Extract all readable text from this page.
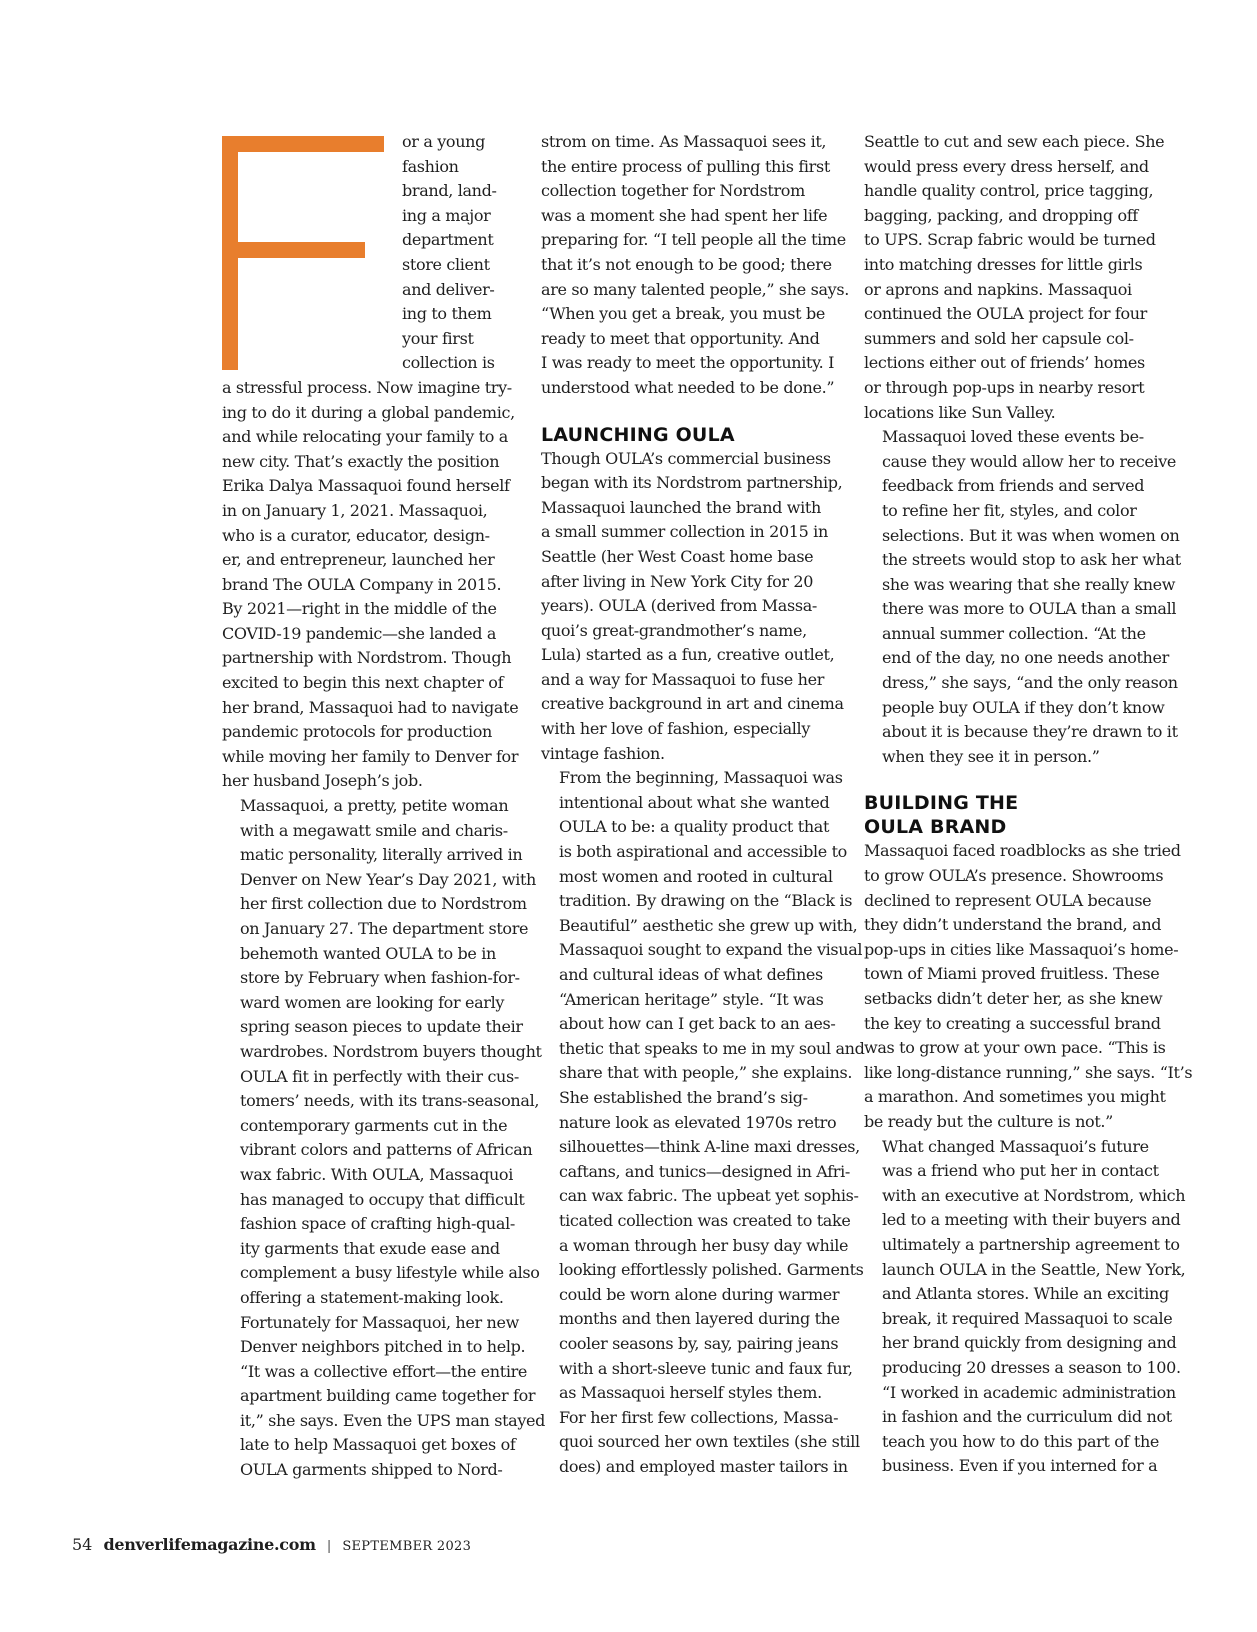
or a young
fashion
brand, land-
ing a major
department
store client
and deliver-
ing to them
your first
collection is

a stressful process. Now imagine try-
ing to do it during a global pandemic,
and while relocating your family to a
new city. That’s exactly the position
Erika Dalya Massaquoi found herself
in on January 1, 2021. Massaquoi,
who is a curator, educator, design-
er, and entrepreneur, launched her
brand The OULA Company in 2015.
By 2021—right in the middle of the
COVID-19 pandemic—she landed a
partnership with Nordstrom. Though
excited to begin this next chapter of
her brand, Massaquoi had to navigate
pandemic protocols for production
while moving her family to Denver for
her husband Joseph’s job.

Massaquoi, a pretty, petite woman
with a megawatt smile and charis-
matic personality, literally arrived in
Denver on New Year’s Day 2021, with
her first collection due to Nordstrom
on January 27. The department store
behemoth wanted OULA to be in
store by February when fashion-for-
ward women are looking for early
spring season pieces to update their
wardrobes. Nordstrom buyers thought
OULA fit in perfectly with their cus-
tomers’ needs, with its trans-seasonal,
contemporary garments cut in the
vibrant colors and patterns of African
wax fabric. With OULA, Massaquoi
has managed to occupy that difficult
fashion space of crafting high-qual-
ity garments that exude ease and
complement a busy lifestyle while also
offering a statement-making look.

Fortunately for Massaquoi, her new
Denver neighbors pitched in to help.
“It was a collective effort—the entire
apartment building came together for
it,” she says. Even the UPS man stayed
late to help Massaquoi get boxes of
OULA garments shipped to Nord-

strom on time. As Massaquoi sees it,
the entire process of pulling this first
collection together for Nordstrom
was a moment she had spent her life
preparing for. “I tell people all the time
that it’s not enough to be good; there
are so many talented people,” she says.
“When you get a break, you must be
ready to meet that opportunity. And
I was ready to meet the opportunity. I
understood what needed to be done.”

LAUNCHING OULA

Though OULA’s commercial business
began with its Nordstrom partnership,
Massaquoi launched the brand with
a small summer collection in 2015 in
Seattle (her West Coast home base
after living in New York City for 20
years). OULA (derived from Massa-
quoi’s great-grandmother’s name,
Lula) started as a fun, creative outlet,
and a way for Massaquoi to fuse her
creative background in art and cinema
with her love of fashion, especially
vintage fashion.

From the beginning, Massaquoi was
intentional about what she wanted
OULA to be: a quality product that
is both aspirational and accessible to
most women and rooted in cultural
tradition. By drawing on the “Black is
Beautiful” aesthetic she grew up with,
Massaquoi sought to expand the visual
and cultural ideas of what defines
“American heritage” style. “It was
about how can I get back to an aes-
thetic that speaks to me in my soul and
share that with people,” she explains.

She established the brand’s sig-
nature look as elevated 1970s retro
silhouettes—think A-line maxi dresses,
caftans, and tunics—designed in Afri-
can wax fabric. The upbeat yet sophis-
ticated collection was created to take
a woman through her busy day while
looking effortlessly polished. Garments
could be worn alone during warmer
months and then layered during the
cooler seasons by, say, pairing jeans
with a short-sleeve tunic and faux fur,
as Massaquoi herself styles them.

For her first few collections, Massa-
quoi sourced her own textiles (she still
does) and employed master tailors in

Seattle to cut and sew each piece. She
would press every dress herself, and
handle quality control, price tagging,
bagging, packing, and dropping off
to UPS. Scrap fabric would be turned
into matching dresses for little girls
or aprons and napkins. Massaquoi
continued the OULA project for four
summers and sold her capsule col-
lections either out of friends’ homes
or through pop-ups in nearby resort
locations like Sun Valley.

Massaquoi loved these events be-
cause they would allow her to receive
feedback from friends and served
to refine her fit, styles, and color
selections. But it was when women on
the streets would stop to ask her what
she was wearing that she really knew
there was more to OULA than a small
annual summer collection. “At the
end of the day, no one needs another
dress,” she says, “and the only reason
people buy OULA if they don’t know
about it is because they’re drawn to it
when they see it in person.”

BUILDING THE
OULA BRAND

Massaquoi faced roadblocks as she tried
to grow OULA’s presence. Showrooms
declined to represent OULA because
they didn’t understand the brand, and
pop-ups in cities like Massaquoi’s home-
town of Miami proved fruitless. These
setbacks didn’t deter her, as she knew
the key to creating a successful brand
was to grow at your own pace. “This is
like long-distance running,” she says. “It’s
a marathon. And sometimes you might
be ready but the culture is not.”

What changed Massaquoi’s future
was a friend who put her in contact
with an executive at Nordstrom, which
led to a meeting with their buyers and
ultimately a partnership agreement to
launch OULA in the Seattle, New York,
and Atlanta stores. While an exciting
break, it required Massaquoi to scale
her brand quickly from designing and
producing 20 dresses a season to 100.
“I worked in academic administration
in fashion and the curriculum did not
teach you how to do this part of the
business. Even if you interned for a

54 denverlifemagazine.com | SEPTEMBER 2023
